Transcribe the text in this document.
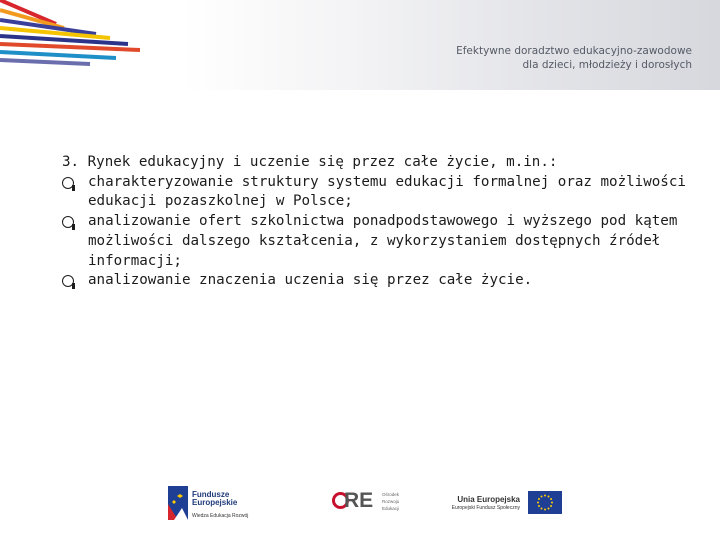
Efektywne doradztwo edukacyjno-zawodowe
dla dzieci, młodzieży i dorosłych

3. Rynek edukacyjny i uczenie się przez całe życie, m.in.:

charakteryzowanie struktury systemu edukacji formalnej oraz możliwości edukacji pozaszkolnej w Polsce;
analizowanie ofert szkolnictwa ponadpodstawowego i wyższego pod kątem możliwości dalszego kształcenia, z wykorzystaniem dostępnych źródeł informacji;
analizowanie znaczenia uczenia się przez całe życie.
Fundusze
Europejskie
Wiedza Edukacja Rozwój
RE Ośrodek
Rozwoju
Edukacji
Unia Europejska
Europejski Fundusz Społeczny
